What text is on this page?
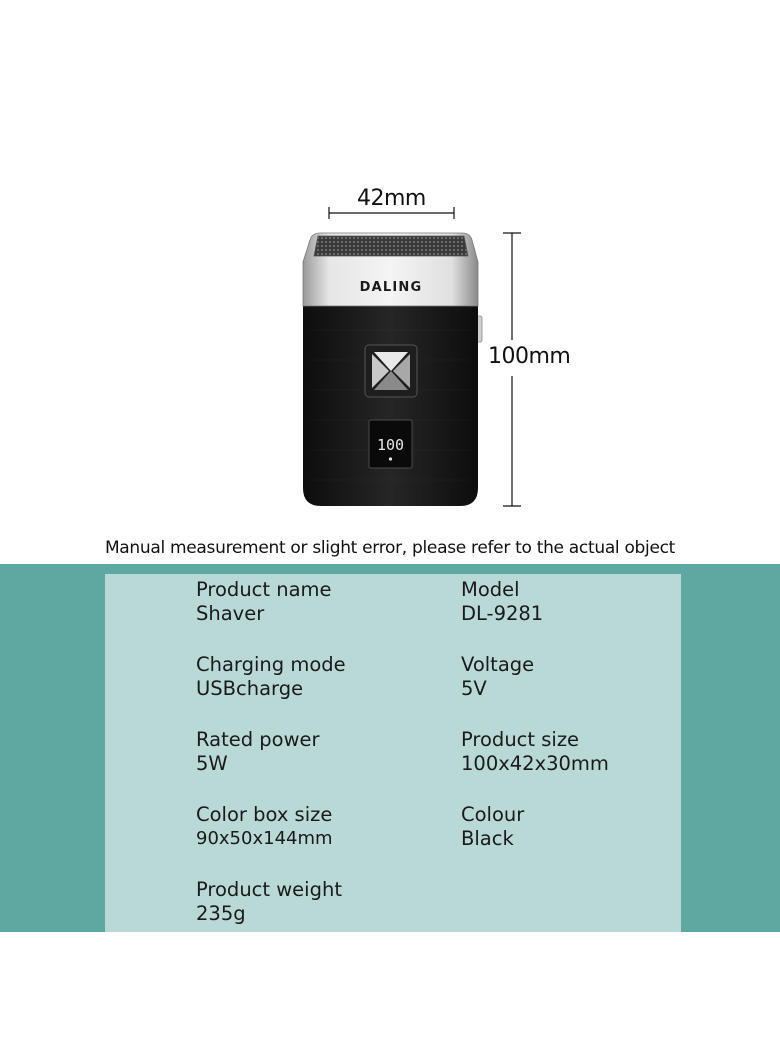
42mm
100mm
DALING
100
Manual measurement or slight error, please refer to the actual object
Product name
Shaver
Model
DL-9281
Charging mode
USBcharge
Voltage
5V
Rated power
5W
Product size
100x42x30mm
Color box size
90x50x144mm
Colour
Black
Product weight
235g
